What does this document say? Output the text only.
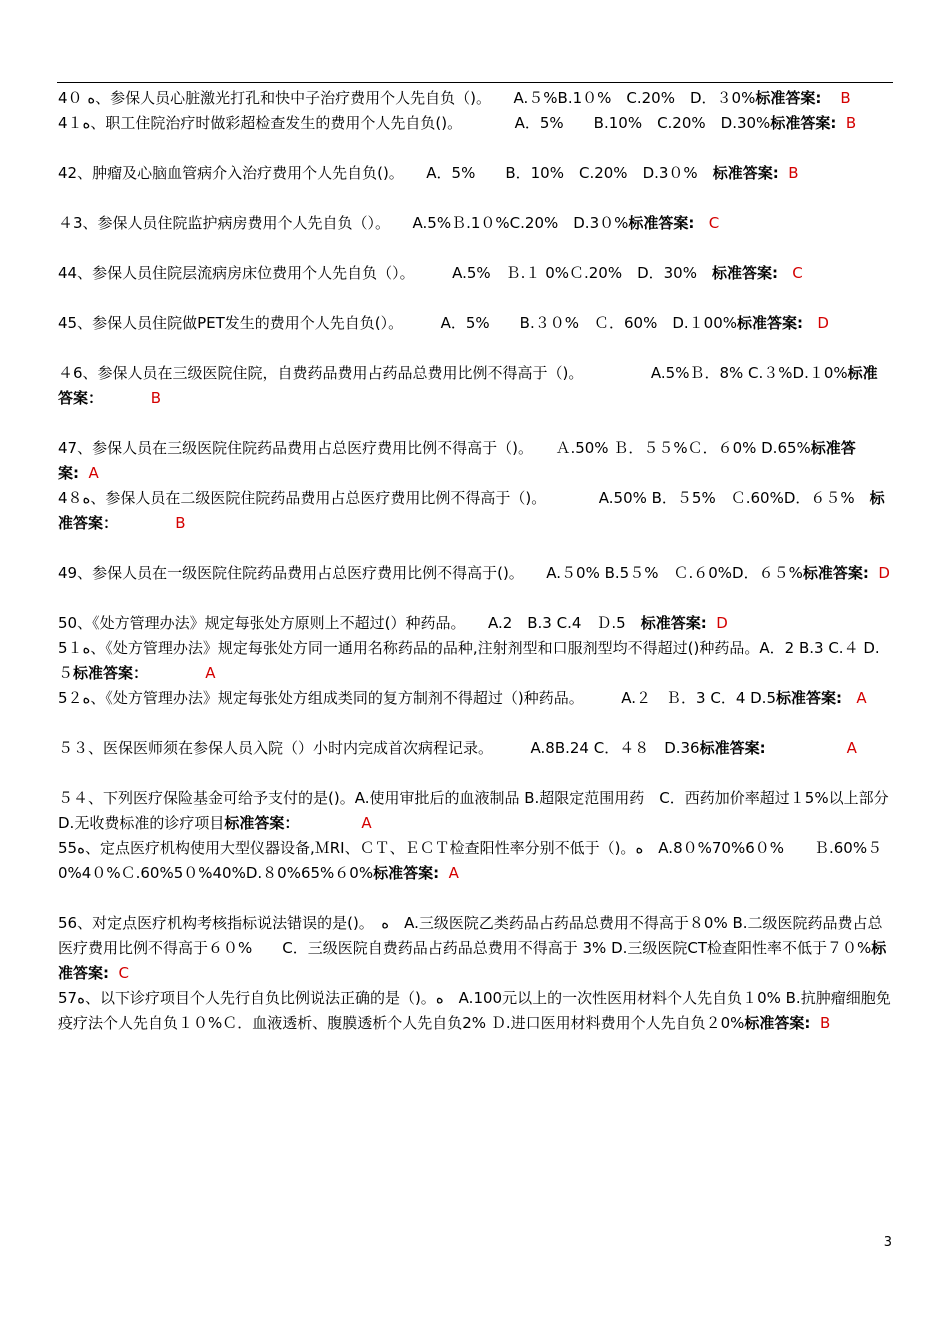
4０ ﻩ、参保人员心脏激光打孔和快中子治疗费用个人先自负（)。　　A.５%B.1０%　C.20%　D．３0%标准答案: B

4１ﻩ、职工住院治疗时做彩超检查发生的费用个人先自负()。　　　　A．5%　　B.10%　C.20%　D.30%标准答案: B

42、肿瘤及心脑血管病介入治疗费用个人先自负()。　　A．5%　　B．10%　C.20%　D.3０%　标准答案: B

４3、参保人员住院监护病房费用个人先自负（）。　　A.5%Ｂ.1０%C.20%　D.3０%标准答案: C

44、参保人员住院层流病房床位费用个人先自负（）。　　　A.5%　Ｂ.１ 0%Ｃ.20%　D．30%　标准答案: C

45、参保人员住院做PET发生的费用个人先自负(）。　　　A．5%　　B.３０%　Ｃ．60%　D.１00%标准答案: D

４6、参保人员在三级医院住院，自费药品费用占药品总费用比例不得高于（)。　　　　　A.5%Ｂ．8% C.３%D.１0%标准答案：	B

47、参保人员在三级医院住院药品费用占总医疗费用比例不得高于（)。　　Ａ.50% Ｂ．５５%Ｃ．６0% D.65%标准答案: A

4８ﻩ、参保人员在二级医院住院药品费用占总医疗费用比例不得高于（)。　　　　A.50% B．５5%　Ｃ.60%D．６５%　标准答案：	B

49、参保人员在一级医院住院药品费用占总医疗费用比例不得高于()。　　A.５0% B.5５%　Ｃ.６0%D．６５%标准答案: D

50、《处方管理办法》规定每张处方原则上不超过(）种药品。　　A.2　B.3 C.4　Ｄ.5　标准答案: D

5１ﻩ、《处方管理办法》规定每张处方同一通用名称药品的品种,注射剂型和口服剂型均不得超过()种药品。A．2 B.3 C.４ D.５标准答案：	A

5２ﻩ、《处方管理办法》规定每张处方组成类同的复方制剂不得超过（)种药品。　　　A.２　Ｂ．3 C．4 D.5标准答案: A

５３、医保医师须在参保人员入院（）小时内完成首次病程记录。　　　A.8B.24 C．４８　D.36标准答案:	A

５４、下列医疗保险基金可给予支付的是()。A.使用审批后的血液制品 B.超限定范围用药　C．西药加价率超过１5%以上部分　D.无收费标准的诊疗项目标准答案：	A

55ﻩ、定点医疗机构使用大型仪器设备,ＭRI、ＣＴ、ＥＣＴ检查阳性率分别不低于（)。ﻩ　A.8０%70%6０%　　Ｂ.60%５0%4０%Ｃ.60%5０%40%D.８0%65%６0%标准答案: A

56、对定点医疗机构考核指标说法错误的是()。　ﻩ　A.三级医院乙类药品占药品总费用不得高于８0% B.二级医院药品费占总医疗费用比例不得高于６０%　　C．三级医院自费药品占药品总费用不得高于 3% D.三级医院CT检查阳性率不低于７０%标准答案: C

57ﻩ、以下诊疗项目个人先行自负比例说法正确的是（)。ﻩ　A.100元以上的一次性医用材料个人先自负１0% B.抗肿瘤细胞免疫疗法个人先自负１０%Ｃ．血液透析、腹膜透析个人先自负2% Ｄ.进口医用材料费用个人先自负２0%标准答案: B

3
